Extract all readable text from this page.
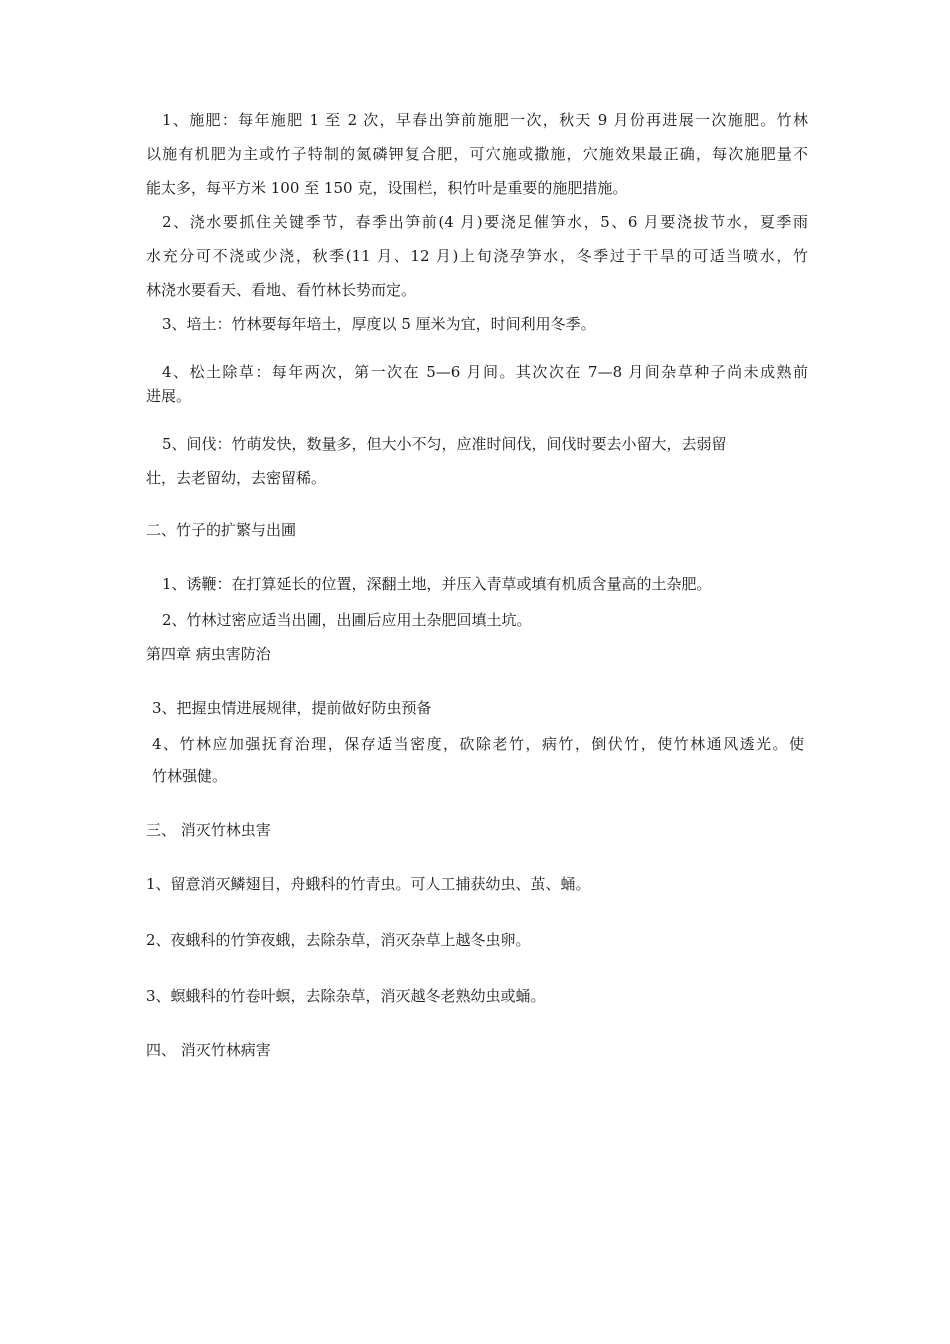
1、施肥：每年施肥 1 至 2 次，早春出笋前施肥一次，秋天 9 月份再进展一次施肥。竹林
以施有机肥为主或竹子特制的氮磷钾复合肥，可穴施或撒施，穴施效果最正确，每次施肥量不
能太多，每平方米 100 至 150 克，设围栏，积竹叶是重要的施肥措施。
2、浇水要抓住关键季节，春季出笋前(4 月)要浇足催笋水，5、6 月要浇拔节水，夏季雨
水充分可不浇或少浇，秋季(11 月、12 月)上旬浇孕笋水，冬季过于干旱的可适当喷水，竹
林浇水要看天、看地、看竹林长势而定。
3、培土：竹林要每年培土，厚度以 5 厘米为宜，时间利用冬季。
4、松土除草：每年两次，第一次在 5—6 月间。其次次在 7—8 月间杂草种子尚未成熟前
进展。
5、间伐：竹萌发快，数量多，但大小不匀，应准时间伐，间伐时要去小留大，去弱留
壮，去老留幼，去密留稀。
二、竹子的扩繁与出圃
1、诱鞭：在打算延长的位置，深翻土地，并压入青草或填有机质含量高的土杂肥。
2、竹林过密应适当出圃，出圃后应用土杂肥回填土坑。
第四章 病虫害防治
3、把握虫情进展规律，提前做好防虫预备
4、竹林应加强抚育治理，保存适当密度，砍除老竹，病竹，倒伏竹，使竹林通风透光。使
竹林强健。
三、 消灭竹林虫害
1、留意消灭鳞翅目，舟蛾科的竹青虫。可人工捕获幼虫、茧、蛹。
2、夜蛾科的竹笋夜蛾，去除杂草，消灭杂草上越冬虫卵。
3、螟蛾科的竹卷叶螟，去除杂草，消灭越冬老熟幼虫或蛹。
四、 消灭竹林病害
